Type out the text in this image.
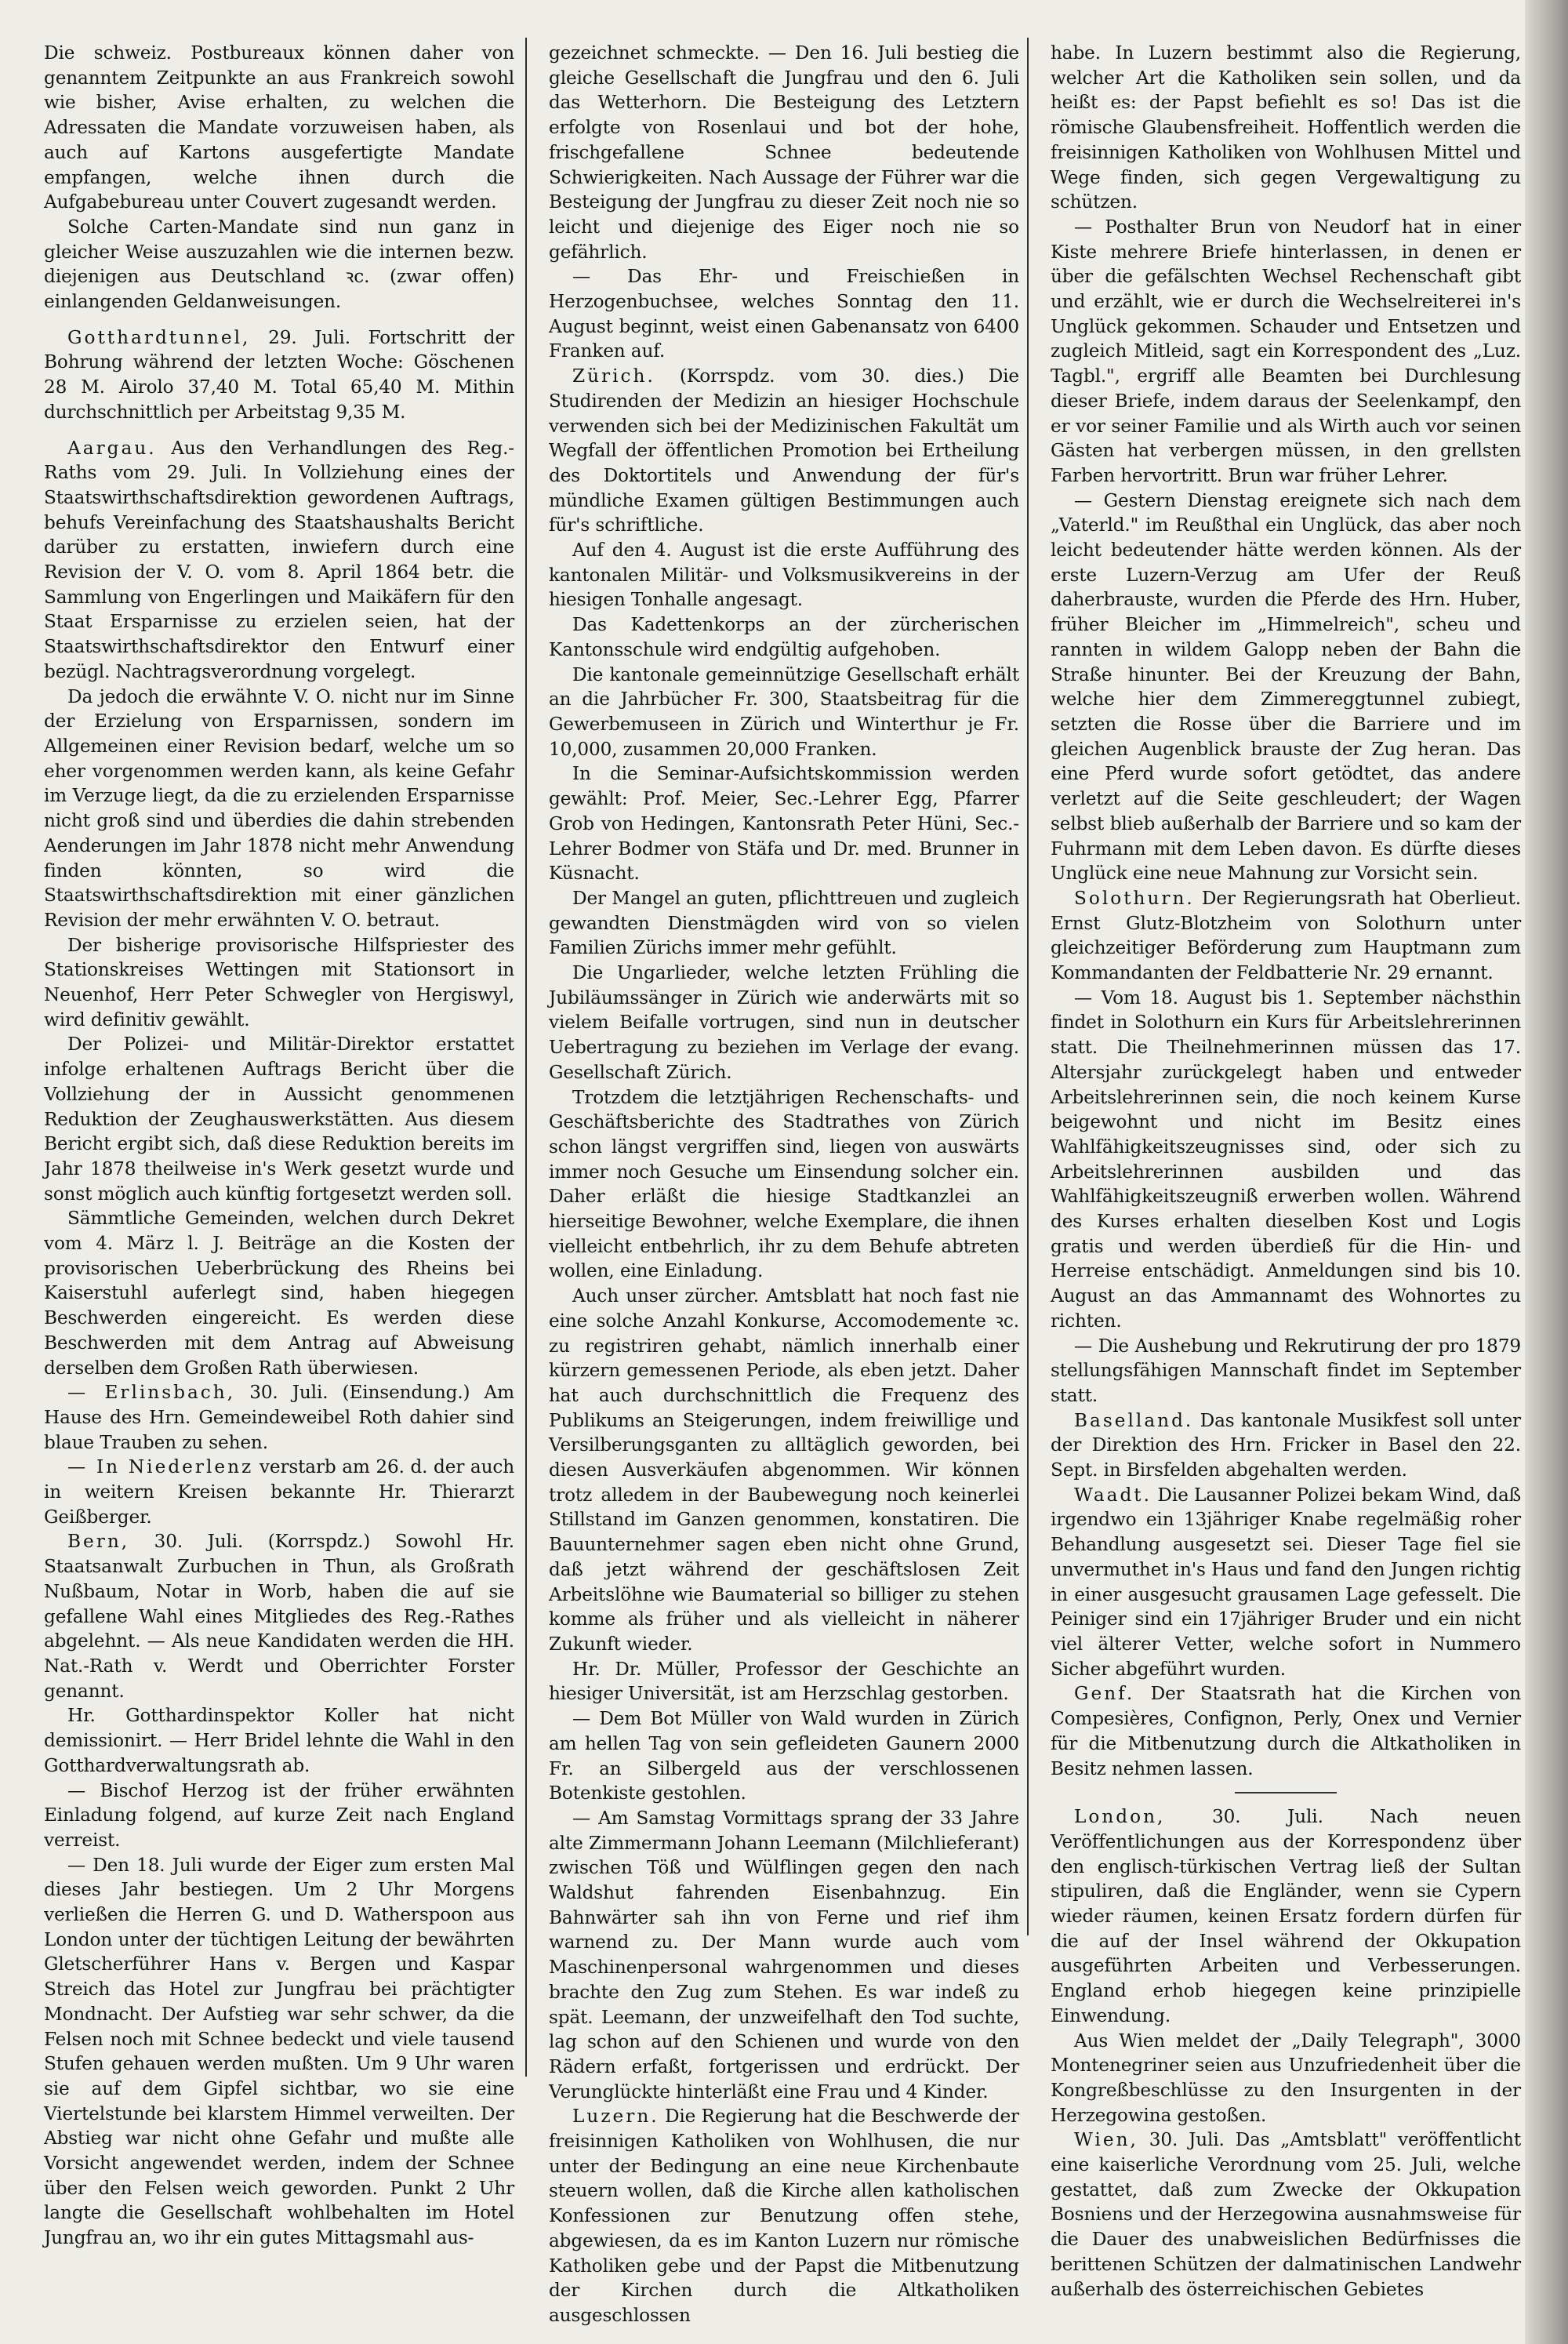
Die schweiz. Postbureaux können daher von genanntem Zeitpunkte an aus Frankreich sowohl wie bisher, Avise erhalten, zu welchen die Adressaten die Mandate vorzuweisen haben, als auch auf Kartons ausgefertigte Mandate empfangen, welche ihnen durch die Aufgabebureau unter Couvert zugesandt werden.

Solche Carten-Mandate sind nun ganz in gleicher Weise auszuzahlen wie die internen bezw. diejenigen aus Deutschland ꝛc. (zwar offen) einlangenden Geldanweisungen.

Gotthardtunnel, 29. Juli. Fortschritt der Bohrung während der letzten Woche: Göschenen 28 M. Airolo 37,40 M. Total 65,40 M. Mithin durchschnittlich per Arbeitstag 9,35 M.

Aargau. Aus den Verhandlungen des Reg.-Raths vom 29. Juli. In Vollziehung eines der Staatswirthschaftsdirektion gewordenen Auftrags, behufs Vereinfachung des Staatshaushalts Bericht darüber zu erstatten, inwiefern durch eine Revision der V. O. vom 8. April 1864 betr. die Sammlung von Engerlingen und Maikäfern für den Staat Ersparnisse zu erzielen seien, hat der Staatswirthschaftsdirektor den Entwurf einer bezügl. Nachtragsverordnung vorgelegt.

Da jedoch die erwähnte V. O. nicht nur im Sinne der Erzielung von Ersparnissen, sondern im Allgemeinen einer Revision bedarf, welche um so eher vorgenommen werden kann, als keine Gefahr im Verzuge liegt, da die zu erzielenden Ersparnisse nicht groß sind und überdies die dahin strebenden Aenderungen im Jahr 1878 nicht mehr Anwendung finden könnten, so wird die Staatswirthschaftsdirektion mit einer gänzlichen Revision der mehr erwähnten V. O. betraut.

Der bisherige provisorische Hilfspriester des Stationskreises Wettingen mit Stationsort in Neuenhof, Herr Peter Schwegler von Hergiswyl, wird definitiv gewählt.

Der Polizei- und Militär-Direktor erstattet infolge erhaltenen Auftrags Bericht über die Vollziehung der in Aussicht genommenen Reduktion der Zeughauswerkstätten. Aus diesem Bericht ergibt sich, daß diese Reduktion bereits im Jahr 1878 theilweise in's Werk gesetzt wurde und sonst möglich auch künftig fortgesetzt werden soll.

Sämmtliche Gemeinden, welchen durch Dekret vom 4. März l. J. Beiträge an die Kosten der provisorischen Ueberbrückung des Rheins bei Kaiserstuhl auferlegt sind, haben hiegegen Beschwerden eingereicht. Es werden diese Beschwerden mit dem Antrag auf Abweisung derselben dem Großen Rath überwiesen.

— Erlinsbach, 30. Juli. (Einsendung.) Am Hause des Hrn. Gemeindeweibel Roth dahier sind blaue Trauben zu sehen.

— In Niederlenz verstarb am 26. d. der auch in weitern Kreisen bekannte Hr. Thierarzt Geißberger.

Bern, 30. Juli. (Korrspdz.) Sowohl Hr. Staatsanwalt Zurbuchen in Thun, als Großrath Nußbaum, Notar in Worb, haben die auf sie gefallene Wahl eines Mitgliedes des Reg.-Rathes abgelehnt. — Als neue Kandidaten werden die HH. Nat.-Rath v. Werdt und Oberrichter Forster genannt.

Hr. Gotthardinspektor Koller hat nicht demissionirt. — Herr Bridel lehnte die Wahl in den Gotthardverwaltungsrath ab.

— Bischof Herzog ist der früher erwähnten Einladung folgend, auf kurze Zeit nach England verreist.

— Den 18. Juli wurde der Eiger zum ersten Mal dieses Jahr bestiegen. Um 2 Uhr Morgens verließen die Herren G. und D. Watherspoon aus London unter der tüchtigen Leitung der bewährten Gletscherführer Hans v. Bergen und Kaspar Streich das Hotel zur Jungfrau bei prächtigter Mondnacht. Der Aufstieg war sehr schwer, da die Felsen noch mit Schnee bedeckt und viele tausend Stufen gehauen werden mußten. Um 9 Uhr waren sie auf dem Gipfel sichtbar, wo sie eine Viertelstunde bei klarstem Himmel verweilten. Der Abstieg war nicht ohne Gefahr und mußte alle Vorsicht angewendet werden, indem der Schnee über den Felsen weich geworden. Punkt 2 Uhr langte die Gesellschaft wohlbehalten im Hotel Jungfrau an, wo ihr ein gutes Mittagsmahl aus-

gezeichnet schmeckte. — Den 16. Juli bestieg die gleiche Gesellschaft die Jungfrau und den 6. Juli das Wetterhorn. Die Besteigung des Letztern erfolgte von Rosenlaui und bot der hohe, frischgefallene Schnee bedeutende Schwierigkeiten. Nach Aussage der Führer war die Besteigung der Jungfrau zu dieser Zeit noch nie so leicht und diejenige des Eiger noch nie so gefährlich.

— Das Ehr- und Freischießen in Herzogenbuchsee, welches Sonntag den 11. August beginnt, weist einen Gabenansatz von 6400 Franken auf.

Zürich. (Korrspdz. vom 30. dies.) Die Studirenden der Medizin an hiesiger Hochschule verwenden sich bei der Medizinischen Fakultät um Wegfall der öffentlichen Promotion bei Ertheilung des Doktortitels und Anwendung der für's mündliche Examen gültigen Bestimmungen auch für's schriftliche.

Auf den 4. August ist die erste Aufführung des kantonalen Militär- und Volksmusikvereins in der hiesigen Tonhalle angesagt.

Das Kadettenkorps an der zürcherischen Kantonsschule wird endgültig aufgehoben.

Die kantonale gemeinnützige Gesellschaft erhält an die Jahrbücher Fr. 300, Staatsbeitrag für die Gewerbemuseen in Zürich und Winterthur je Fr. 10,000, zusammen 20,000 Franken.

In die Seminar-Aufsichtskommission werden gewählt: Prof. Meier, Sec.-Lehrer Egg, Pfarrer Grob von Hedingen, Kantonsrath Peter Hüni, Sec.-Lehrer Bodmer von Stäfa und Dr. med. Brunner in Küsnacht.

Der Mangel an guten, pflichttreuen und zugleich gewandten Dienstmägden wird von so vielen Familien Zürichs immer mehr gefühlt.

Die Ungarlieder, welche letzten Frühling die Jubiläumssänger in Zürich wie anderwärts mit so vielem Beifalle vortrugen, sind nun in deutscher Uebertragung zu beziehen im Verlage der evang. Gesellschaft Zürich.

Trotzdem die letztjährigen Rechenschafts- und Geschäftsberichte des Stadtrathes von Zürich schon längst vergriffen sind, liegen von auswärts immer noch Gesuche um Einsendung solcher ein. Daher erläßt die hiesige Stadtkanzlei an hierseitige Bewohner, welche Exemplare, die ihnen vielleicht entbehrlich, ihr zu dem Behufe abtreten wollen, eine Einladung.

Auch unser zürcher. Amtsblatt hat noch fast nie eine solche Anzahl Konkurse, Accomodemente ꝛc. zu registriren gehabt, nämlich innerhalb einer kürzern gemessenen Periode, als eben jetzt. Daher hat auch durchschnittlich die Frequenz des Publikums an Steigerungen, indem freiwillige und Versilberungsganten zu alltäglich geworden, bei diesen Ausverkäufen abgenommen. Wir können trotz alledem in der Baubewegung noch keinerlei Stillstand im Ganzen genommen, konstatiren. Die Bauunternehmer sagen eben nicht ohne Grund, daß jetzt während der geschäftslosen Zeit Arbeitslöhne wie Baumaterial so billiger zu stehen komme als früher und als vielleicht in näherer Zukunft wieder.

Hr. Dr. Müller, Professor der Geschichte an hiesiger Universität, ist am Herzschlag gestorben.

— Dem Bot Müller von Wald wurden in Zürich am hellen Tag von sein gefleideten Gaunern 2000 Fr. an Silbergeld aus der verschlossenen Botenkiste gestohlen.

— Am Samstag Vormittags sprang der 33 Jahre alte Zimmermann Johann Leemann (Milchlieferant) zwischen Töß und Wülflingen gegen den nach Waldshut fahrenden Eisenbahnzug. Ein Bahnwärter sah ihn von Ferne und rief ihm warnend zu. Der Mann wurde auch vom Maschinenpersonal wahrgenommen und dieses brachte den Zug zum Stehen. Es war indeß zu spät. Leemann, der unzweifelhaft den Tod suchte, lag schon auf den Schienen und wurde von den Rädern erfaßt, fortgerissen und erdrückt. Der Verunglückte hinterläßt eine Frau und 4 Kinder.

Luzern. Die Regierung hat die Beschwerde der freisinnigen Katholiken von Wohlhusen, die nur unter der Bedingung an eine neue Kirchenbaute steuern wollen, daß die Kirche allen katholischen Konfessionen zur Benutzung offen stehe, abgewiesen, da es im Kanton Luzern nur römische Katholiken gebe und der Papst die Mitbenutzung der Kirchen durch die Altkatholiken ausgeschlossen

habe. In Luzern bestimmt also die Regierung, welcher Art die Katholiken sein sollen, und da heißt es: der Papst befiehlt es so! Das ist die römische Glaubensfreiheit. Hoffentlich werden die freisinnigen Katholiken von Wohlhusen Mittel und Wege finden, sich gegen Vergewaltigung zu schützen.

— Posthalter Brun von Neudorf hat in einer Kiste mehrere Briefe hinterlassen, in denen er über die gefälschten Wechsel Rechenschaft gibt und erzählt, wie er durch die Wechselreiterei in's Unglück gekommen. Schauder und Entsetzen und zugleich Mitleid, sagt ein Korrespondent des „Luz. Tagbl.", ergriff alle Beamten bei Durchlesung dieser Briefe, indem daraus der Seelenkampf, den er vor seiner Familie und als Wirth auch vor seinen Gästen hat verbergen müssen, in den grellsten Farben hervortritt. Brun war früher Lehrer.

— Gestern Dienstag ereignete sich nach dem „Vaterld." im Reußthal ein Unglück, das aber noch leicht bedeutender hätte werden können. Als der erste Luzern-Verzug am Ufer der Reuß daherbrauste, wurden die Pferde des Hrn. Huber, früher Bleicher im „Himmelreich", scheu und rannten in wildem Galopp neben der Bahn die Straße hinunter. Bei der Kreuzung der Bahn, welche hier dem Zimmereggtunnel zubiegt, setzten die Rosse über die Barriere und im gleichen Augenblick brauste der Zug heran. Das eine Pferd wurde sofort getödtet, das andere verletzt auf die Seite geschleudert; der Wagen selbst blieb außerhalb der Barriere und so kam der Fuhrmann mit dem Leben davon. Es dürfte dieses Unglück eine neue Mahnung zur Vorsicht sein.

Solothurn. Der Regierungsrath hat Oberlieut. Ernst Glutz-Blotzheim von Solothurn unter gleichzeitiger Beförderung zum Hauptmann zum Kommandanten der Feldbatterie Nr. 29 ernannt.

— Vom 18. August bis 1. September nächsthin findet in Solothurn ein Kurs für Arbeitslehrerinnen statt. Die Theilnehmerinnen müssen das 17. Altersjahr zurückgelegt haben und entweder Arbeitslehrerinnen sein, die noch keinem Kurse beigewohnt und nicht im Besitz eines Wahlfähigkeitszeugnisses sind, oder sich zu Arbeitslehrerinnen ausbilden und das Wahlfähigkeitszeugniß erwerben wollen. Während des Kurses erhalten dieselben Kost und Logis gratis und werden überdieß für die Hin- und Herreise entschädigt. Anmeldungen sind bis 10. August an das Ammannamt des Wohnortes zu richten.

— Die Aushebung und Rekrutirung der pro 1879 stellungsfähigen Mannschaft findet im September statt.

Baselland. Das kantonale Musikfest soll unter der Direktion des Hrn. Fricker in Basel den 22. Sept. in Birsfelden abgehalten werden.

Waadt. Die Lausanner Polizei bekam Wind, daß irgendwo ein 13jähriger Knabe regelmäßig roher Behandlung ausgesetzt sei. Dieser Tage fiel sie unvermuthet in's Haus und fand den Jungen richtig in einer ausgesucht grausamen Lage gefesselt. Die Peiniger sind ein 17jähriger Bruder und ein nicht viel älterer Vetter, welche sofort in Nummero Sicher abgeführt wurden.

Genf. Der Staatsrath hat die Kirchen von Compesières, Confignon, Perly, Onex und Vernier für die Mitbenutzung durch die Altkatholiken in Besitz nehmen lassen.

London,	30. Juli. Nach neuen Veröffentlichungen aus der Korrespondenz über den englisch-türkischen Vertrag ließ der Sultan stipuliren, daß die Engländer, wenn sie Cypern wieder räumen, keinen Ersatz fordern dürfen für die auf der Insel während der Okkupation ausgeführten Arbeiten und Verbesserungen. England erhob hiegegen keine prinzipielle Einwendung.

Aus Wien meldet der „Daily Telegraph", 3000 Montenegriner seien aus Unzufriedenheit über die Kongreßbeschlüsse zu den Insurgenten in der Herzegowina gestoßen.

Wien, 30. Juli. Das „Amtsblatt" veröffentlicht eine kaiserliche Verordnung vom 25. Juli, welche gestattet, daß zum Zwecke der Okkupation Bosniens und der Herzegowina ausnahmsweise für die Dauer des unabweislichen Bedürfnisses die berittenen Schützen der dalmatinischen Landwehr außerhalb des österreichischen Gebietes
